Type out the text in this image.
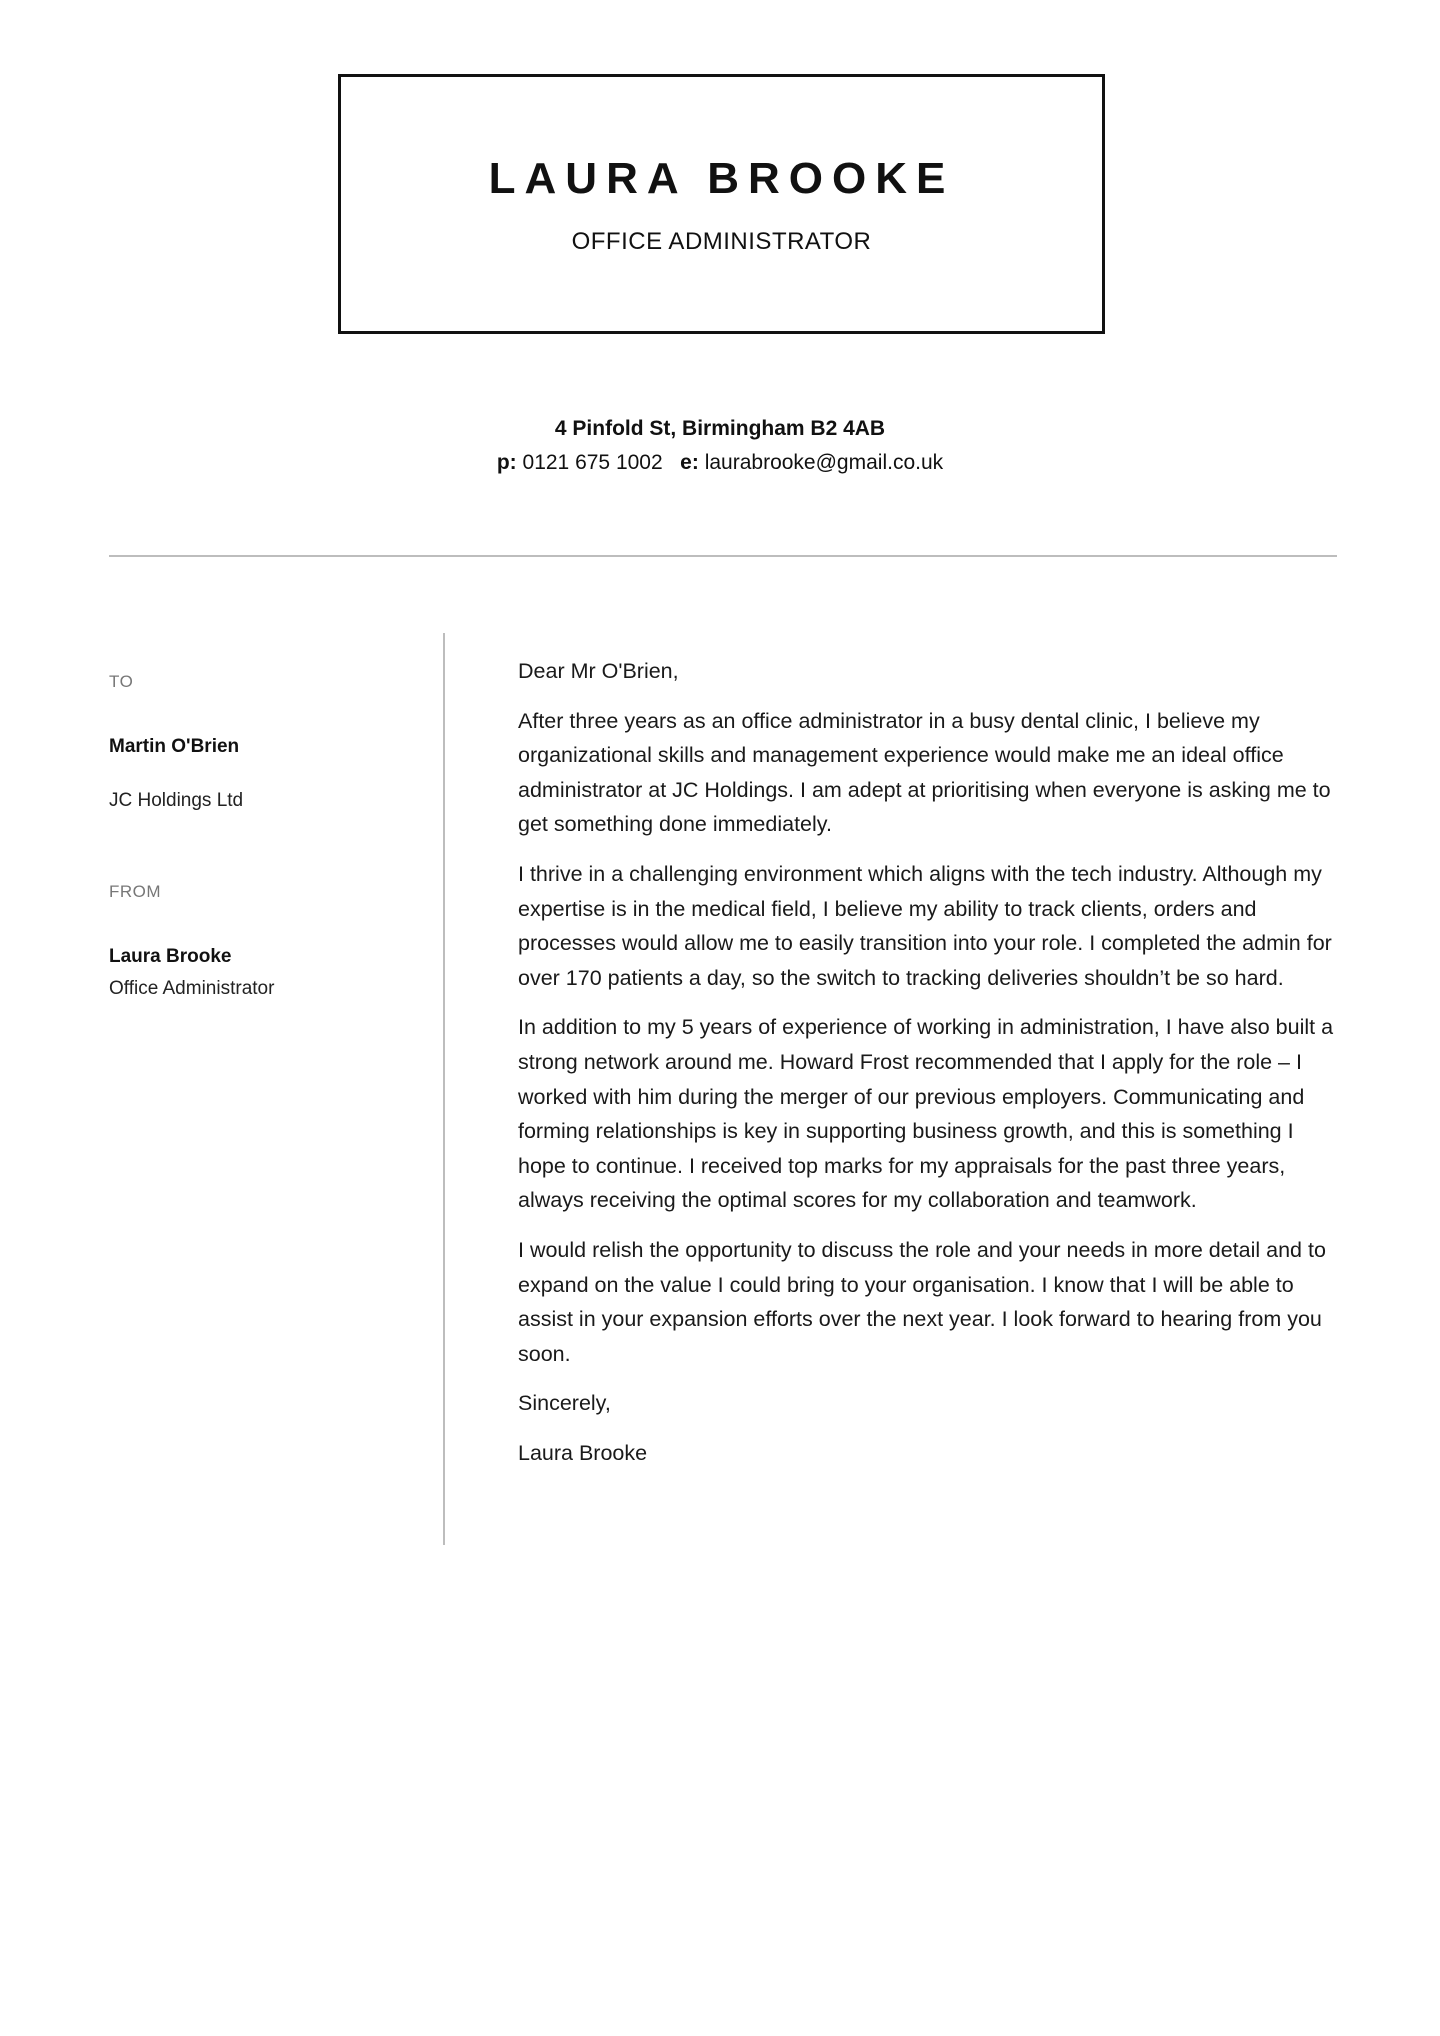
LAURA BROOKE
OFFICE ADMINISTRATOR
4 Pinfold St, Birmingham B2 4AB
p: 0121 675 1002 e: laurabrooke@gmail.co.uk
TO
Martin O'Brien
JC Holdings Ltd
FROM
Laura Brooke
Office Administrator

Dear Mr O'Brien,

After three years as an office administrator in a busy dental clinic, I believe my organizational skills and management experience would make me an ideal office administrator at JC Holdings. I am adept at prioritising when everyone is asking me to get something done immediately.

I thrive in a challenging environment which aligns with the tech industry. Although my expertise is in the medical field, I believe my ability to track clients, orders and processes would allow me to easily transition into your role. I completed the admin for over 170 patients a day, so the switch to tracking deliveries shouldn’t be so hard.

In addition to my 5 years of experience of working in administration, I have also built a strong network around me. Howard Frost recommended that I apply for the role – I worked with him during the merger of our previous employers. Communicating and forming relationships is key in supporting business growth, and this is something I hope to continue. I received top marks for my appraisals for the past three years, always receiving the optimal scores for my collaboration and teamwork.

I would relish the opportunity to discuss the role and your needs in more detail and to expand on the value I could bring to your organisation. I know that I will be able to assist in your expansion efforts over the next year. I look forward to hearing from you soon.

Sincerely,

Laura Brooke
